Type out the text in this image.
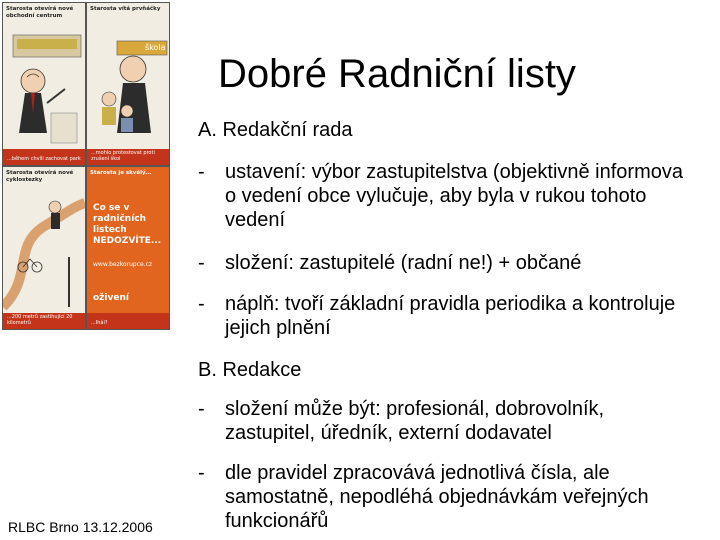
Starosta otevírá nové obchodní centrum
...během chvíli zachovat park
Starosta vítá prvňáčky
škola
...mohlo protestovat proti zrušení škol
Starosta otevírá nové cyklostezky
...200 metrů zastihující 20 kilometrů
Starosta je skvělý...
Co se v radničních listech NEDOZVÍTE...
www.bezkorupce.cz
oživení
...Ihái?
Dobré Radniční listy
A. Redakční rada
- ustavení: výbor zastupitelstva (objektivně informova
o vedení obce vylučuje, aby byla v rukou tohoto
vedení
- složení: zastupitelé (radní ne!) + občané
- náplň: tvoří základní pravidla periodika a kontroluje
jejich plnění
B. Redakce
- složení může být: profesionál, dobrovolník,
zastupitel, úředník, externí dodavatel
- dle pravidel zpracovává jednotlivá čísla, ale
samostatně, nepodléhá objednávkám veřejných
funkcionářů
RLBC Brno 13.12.2006
